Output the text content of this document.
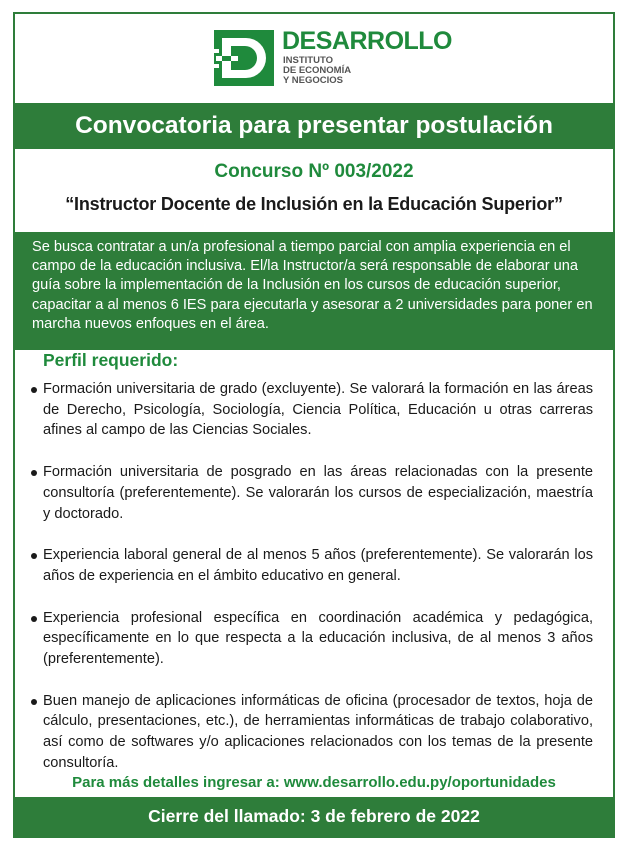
DESARROLLO
INSTITUTO
DE ECONOMÍA
Y NEGOCIOS
Convocatoria para presentar postulación
Concurso Nº 003/2022
“Instructor Docente de Inclusión en la Educación Superior”
Se busca contratar a un/a profesional a tiempo parcial con amplia experiencia en el campo de la educación inclusiva. El/la Instructor/a será responsable de elaborar una guía sobre la implementación de la Inclusión en los cursos de educación superior, capacitar a al menos 6 IES para ejecutarla y asesorar a 2 universidades para poner en marcha nuevos enfoques en el área.
Perfil requerido:
Formación universitaria de grado (excluyente). Se valorará la formación en las áreas de Derecho, Psicología, Sociología, Ciencia Política, Educación u otras carreras afines al campo de las Ciencias Sociales.
Formación universitaria de posgrado en las áreas relacionadas con la presente consultoría (preferentemente). Se valorarán los cursos de especialización, maestría y doctorado.
Experiencia laboral general de al menos 5 años (preferentemente). Se valorarán los años de experiencia en el ámbito educativo en general.
Experiencia profesional específica en coordinación académica y pedagógica, específicamente en lo que respecta a la educación inclusiva, de al menos 3 años (preferentemente).
Buen manejo de aplicaciones informáticas de oficina (procesador de textos, hoja de cálculo, presentaciones, etc.), de herramientas informáticas de trabajo colaborativo, así como de softwares y/o aplicaciones relacionados con los temas de la presente consultoría.
Para más detalles ingresar a: www.desarrollo.edu.py/oportunidades
Cierre del llamado: 3 de febrero de 2022
